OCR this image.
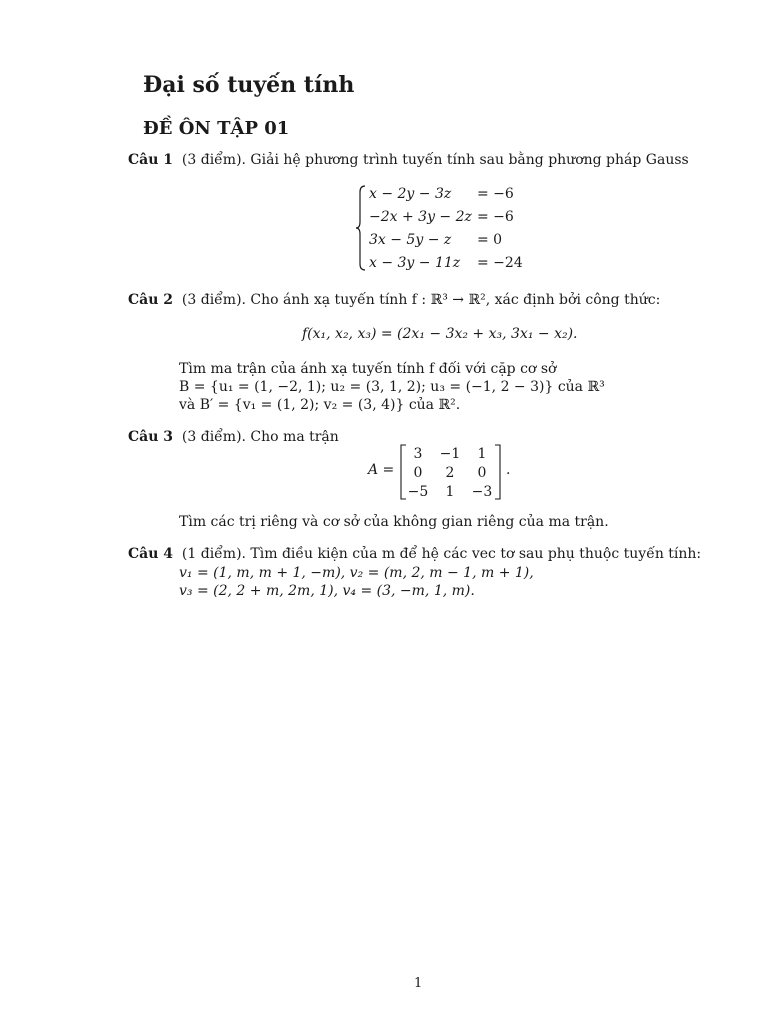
Đại số tuyến tính
ĐỀ ÔN TẬP 01
Câu 1 (3 điểm). Giải hệ phương trình tuyến tính sau bằng phương pháp Gauss
x − 2y − 3z = −6
−2x + 3y − 2z = −6
3x − 5y − z = 0
x − 3y − 11z = −24
Câu 2 (3 điểm). Cho ánh xạ tuyến tính f : ℝ³ → ℝ², xác định bởi công thức:
f(x₁, x₂, x₃) = (2x₁ − 3x₂ + x₃, 3x₁ − x₂).
Tìm ma trận của ánh xạ tuyến tính f đối với cặp cơ sở
B = {u₁ = (1, −2, 1); u₂ = (3, 1, 2); u₃ = (−1, 2 − 3)} của ℝ³
và B′ = {v₁ = (1, 2); v₂ = (3, 4)} của ℝ².
Câu 3 (3 điểm). Cho ma trận
A =
3	−1	1
0	2	0
−5	1	−3
.
Tìm các trị riêng và cơ sở của không gian riêng của ma trận.
Câu 4 (1 điểm). Tìm điều kiện của m để hệ các vec tơ sau phụ thuộc tuyến tính:
v₁ = (1, m, m + 1, −m), v₂ = (m, 2, m − 1, m + 1),
v₃ = (2, 2 + m, 2m, 1), v₄ = (3, −m, 1, m).
1
